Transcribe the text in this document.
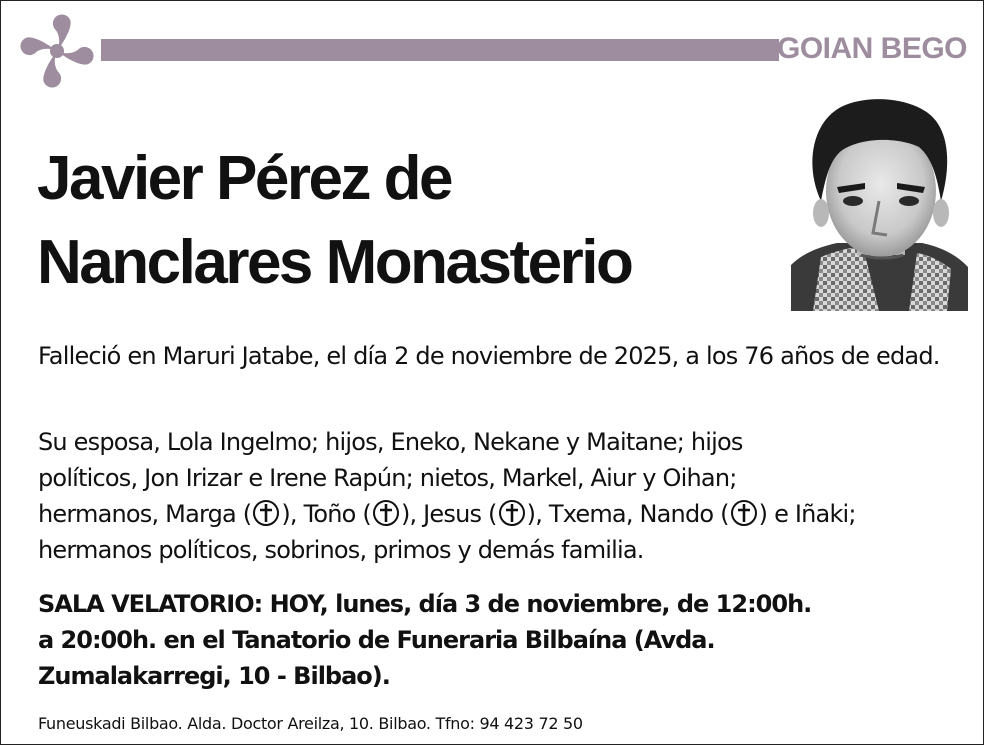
GOIAN BEGO
Javier Pérez de
Nanclares Monasterio

Falleció en Maruri Jatabe, el día 2 de noviembre de 2025, a los 76 años de edad.

Su esposa, Lola Ingelmo; hijos, Eneko, Nekane y Maitane; hijos
políticos, Jon Irizar e Irene Rapún; nietos, Markel, Aiur y Oihan;
hermanos, Marga ( ), Toño ( ), Jesus ( ), Txema, Nando ( ) e Iñaki;
hermanos políticos, sobrinos, primos y demás familia.

SALA VELATORIO: HOY, lunes, día 3 de noviembre, de 12:00h.
a 20:00h. en el Tanatorio de Funeraria Bilbaína (Avda.
Zumalakarregi, 10 - Bilbao).

Funeuskadi Bilbao. Alda. Doctor Areilza, 10. Bilbao. Tfno: 94 423 72 50
